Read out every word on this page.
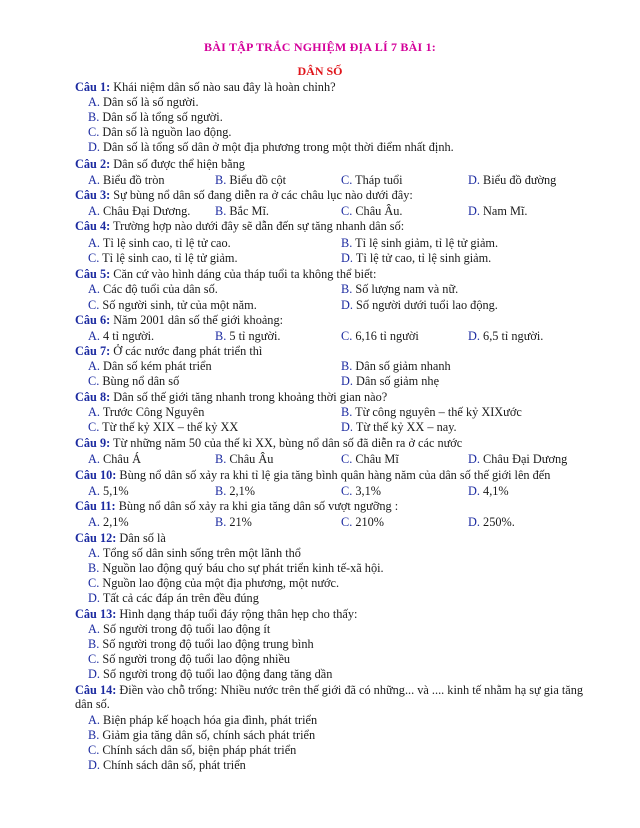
BÀI TẬP TRẮC NGHIỆM ĐỊA LÍ 7 BÀI 1:
DÂN SỐ
Câu 1: Khái niệm dân số nào sau đây là hoàn chỉnh?
A. Dân số là số người.
B. Dân số là tổng số người.
C. Dân số là nguồn lao động.
D. Dân số là tổng số dân ở một địa phương trong một thời điểm nhất định.
Câu 2: Dân số được thể hiện bằng
A. Biểu đồ tròn	B. Biểu đồ cột	C. Tháp tuổi	D. Biểu đồ đường
Câu 3: Sự bùng nổ dân số đang diễn ra ở các châu lục nào dưới đây:
A. Châu Đại Dương. B. Bắc Mĩ.	C. Châu Âu.	D. Nam Mĩ.
Câu 4: Trường hợp nào dưới đây sẽ dẫn đến sự tăng nhanh dân số:
A. Tỉ lệ sinh cao, tỉ lệ tử cao.	B. Tỉ lệ sinh giảm, tỉ lệ tử giảm.
C. Tỉ lệ sinh cao, tỉ lệ tử giảm.	D. Tỉ lệ tử cao, tỉ lệ sinh giảm.
Câu 5: Căn cứ vào hình dáng của tháp tuổi ta không thể biết:
A. Các độ tuổi của dân số.	B. Số lượng nam và nữ.
C. Số người sinh, tử của một năm.	D. Số người dưới tuổi lao động.
Câu 6: Năm 2001 dân số thế giới khoảng:
A. 4 tỉ người.	B. 5 tỉ người.	C. 6,16 tỉ người	D. 6,5 tỉ người.
Câu 7: Ở các nước đang phát triển thì
A. Dân số kém phát triển	B. Dân số giảm nhanh
C. Bùng nổ dân số	D. Dân số giảm nhẹ
Câu 8: Dân số thế giới tăng nhanh trong khoảng thời gian nào?
A. Trước Công Nguyên	B. Từ công nguyên – thế kỷ XIXước
C. Từ thế kỷ XIX – thế kỷ XX	D. Từ thế kỷ XX – nay.
Câu 9: Từ những năm 50 của thế kỉ XX, bùng nổ dân số đã diễn ra ở các nước
A. Châu Á	B. Châu Âu	C. Châu Mĩ	D. Châu Đại Dương
Câu 10: Bùng nổ dân số xảy ra khi tỉ lệ gia tăng bình quân hàng năm của dân số thế giới lên đến
A. 5,1%	B. 2,1%	C. 3,1%	D. 4,1%
Câu 11: Bùng nổ dân số xảy ra khi gia tăng dân số vượt ngưỡng :
A. 2,1%	B. 21%	C. 210%	D. 250%.
Câu 12: Dân số là
A. Tổng số dân sinh sống trên một lãnh thổ
B. Nguồn lao động quý báu cho sự phát triển kinh tế-xã hội.
C. Nguồn lao động của một địa phương, một nước.
D. Tất cả các đáp án trên đều đúng
Câu 13: Hình dạng tháp tuổi đáy rộng thân hẹp cho thấy:
A. Số người trong độ tuổi lao động ít
B. Số người trong độ tuổi lao động trung bình
C. Số người trong độ tuổi lao động nhiều
D. Số người trong độ tuổi lao động đang tăng dần
Câu 14: Điền vào chỗ trống: Nhiều nước trên thế giới đã có những... và .... kinh tế nhằm hạ sự gia tăng dân số.
A. Biện pháp kế hoạch hóa gia đình, phát triển
B. Giảm gia tăng dân số, chính sách phát triển
C. Chính sách dân số, biện pháp phát triển
D. Chính sách dân số, phát triển
